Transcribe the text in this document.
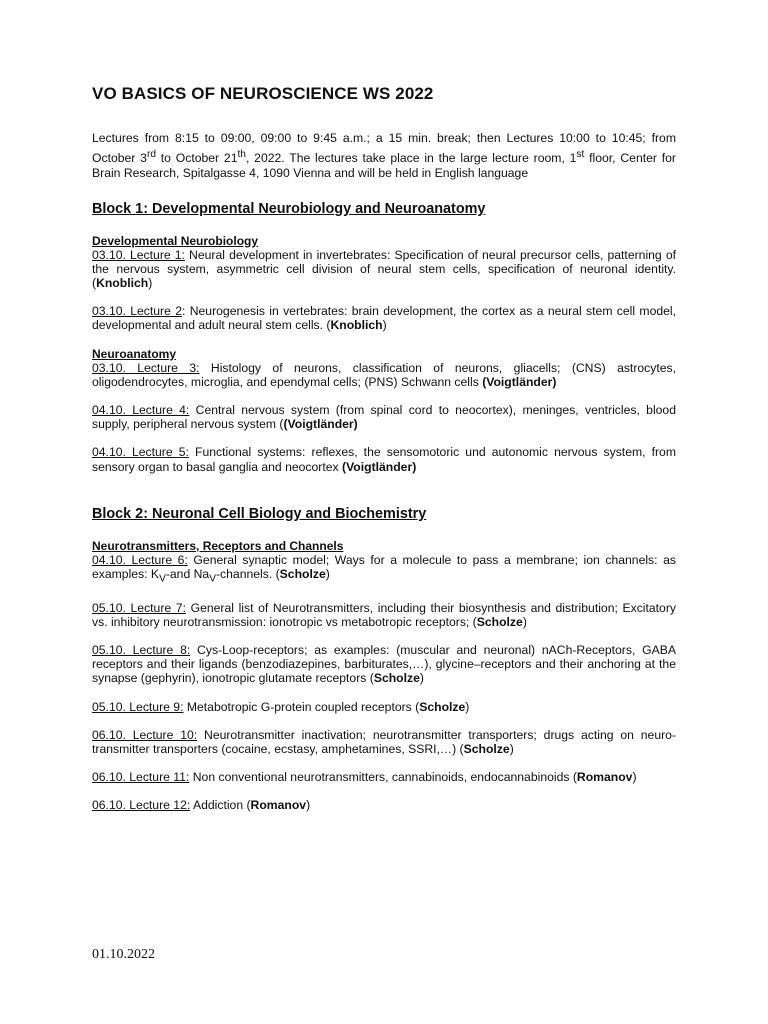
VO BASICS OF NEUROSCIENCE WS 2022

Lectures from 8:15 to 09:00, 09:00 to 9:45 a.m.; a 15 min. break; then Lectures 10:00 to 10:45; from October 3rd to October 21th, 2022. The lectures take place in the large lecture room, 1st floor, Center for Brain Research, Spitalgasse 4, 1090 Vienna and will be held in English language

Block 1: Developmental Neurobiology and Neuroanatomy
Developmental Neurobiology

03.10. Lecture 1: Neural development in invertebrates: Specification of neural precursor cells, patterning of the nervous system, asymmetric cell division of neural stem cells, specification of neuronal identity. (Knoblich)

03.10. Lecture 2: Neurogenesis in vertebrates: brain development, the cortex as a neural stem cell model, developmental and adult neural stem cells. (Knoblich)

Neuroanatomy

03.10. Lecture 3: Histology of neurons, classification of neurons, gliacells; (CNS) astrocytes, oligodendrocytes, microglia, and ependymal cells; (PNS) Schwann cells (Voigtländer)

04.10. Lecture 4: Central nervous system (from spinal cord to neocortex), meninges, ventricles, blood supply, peripheral nervous system ((Voigtländer)

04.10. Lecture 5: Functional systems: reflexes, the sensomotoric und autonomic nervous system, from sensory organ to basal ganglia and neocortex (Voigtländer)

Block 2: Neuronal Cell Biology and Biochemistry
Neurotransmitters, Receptors and Channels

04.10. Lecture 6: General synaptic model; Ways for a molecule to pass a membrane; ion channels: as examples: $K_V$-and $Na_V$-channels. (Scholze)

05.10. Lecture 7: General list of Neurotransmitters, including their biosynthesis and distribution; Excitatory vs. inhibitory neurotransmission: ionotropic vs metabotropic receptors; (Scholze)

05.10. Lecture 8: Cys-Loop-receptors; as examples: (muscular and neuronal) nACh-Receptors, GABA receptors and their ligands (benzodiazepines, barbiturates,…), glycine–receptors and their anchoring at the synapse (gephyrin), ionotropic glutamate receptors (Scholze)

05.10. Lecture 9: Metabotropic G-protein coupled receptors (Scholze)

06.10. Lecture 10: Neurotransmitter inactivation; neurotransmitter transporters; drugs acting on neuro-transmitter transporters (cocaine, ecstasy, amphetamines, SSRI,…) (Scholze)

06.10. Lecture 11: Non conventional neurotransmitters, cannabinoids, endocannabinoids (Romanov)

06.10. Lecture 12: Addiction (Romanov)

01.10.2022
